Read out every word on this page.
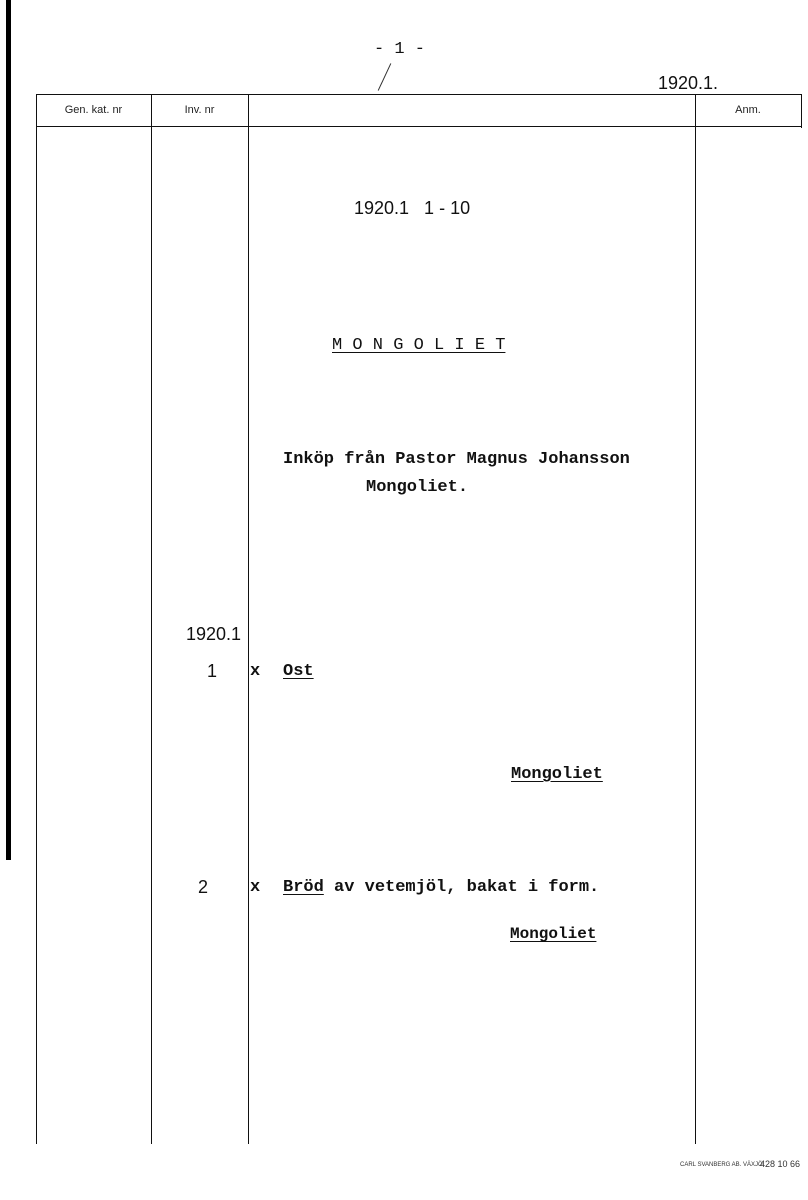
- 1 -
1920.1.
Gen. kat. nr	Inv. nr	Anm.
1920.1   1 - 10
M O N G O L I E T
Inköp från Pastor Magnus Johansson
Mongoliet.
1920.1
1 x Ost
Mongoliet
2 x Bröd av vetemjöl, bakat i form.
Mongoliet
CARL SVANBERG AB. VÄXJÖ
428 10 66
